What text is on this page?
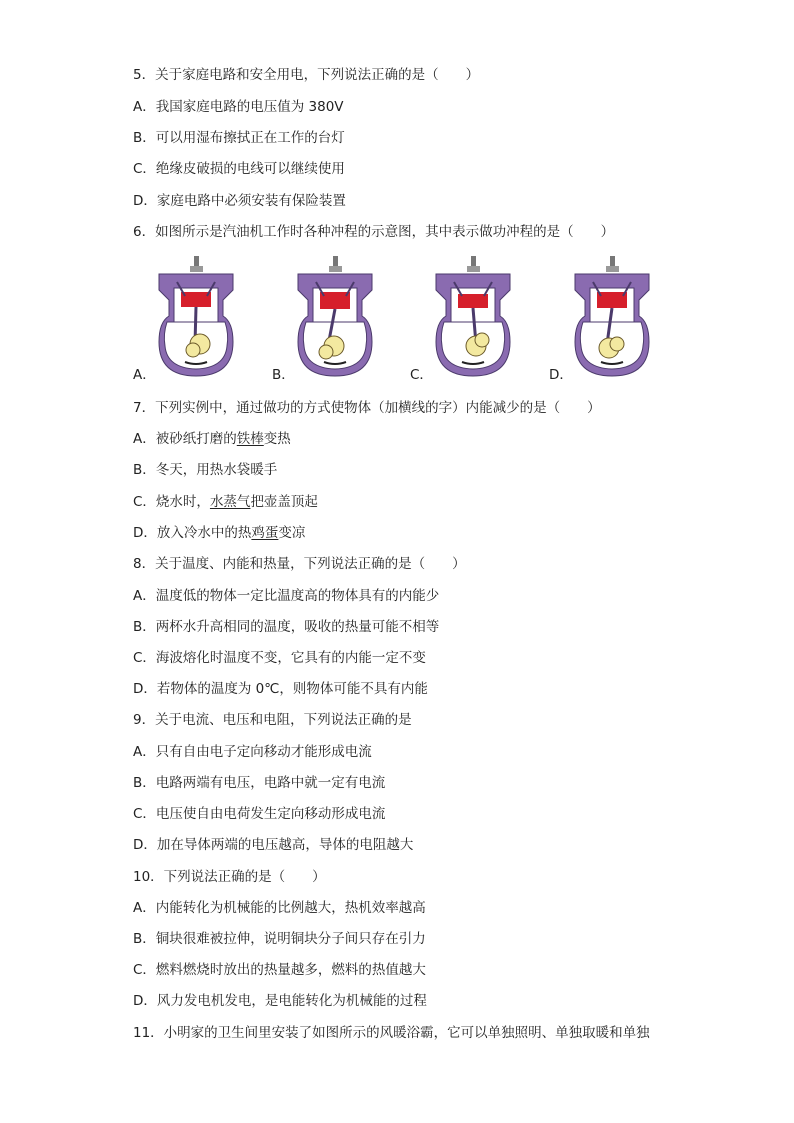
5．关于家庭电路和安全用电，下列说法正确的是（　　）
A．我国家庭电路的电压值为 380V
B．可以用湿布擦拭正在工作的台灯
C．绝缘皮破损的电线可以继续使用
D．家庭电路中必须安装有保险装置
6．如图所示是汽油机工作时各种冲程的示意图，其中表示做功冲程的是（　　）
A．	B．	C．	D．
7．下列实例中，通过做功的方式使物体（加横线的字）内能减少的是（　　）
A．被砂纸打磨的铁棒变热
B．冬天，用热水袋暖手
C．烧水时，水蒸气把壶盖顶起
D．放入冷水中的热鸡蛋变凉
8．关于温度、内能和热量，下列说法正确的是（　　）
A．温度低的物体一定比温度高的物体具有的内能少
B．两杯水升高相同的温度，吸收的热量可能不相等
C．海波熔化时温度不变，它具有的内能一定不变
D．若物体的温度为 0℃，则物体可能不具有内能
9．关于电流、电压和电阻，下列说法正确的是
A．只有自由电子定向移动才能形成电流
B．电路两端有电压，电路中就一定有电流
C．电压使自由电荷发生定向移动形成电流
D．加在导体两端的电压越高，导体的电阻越大
10．下列说法正确的是（　　）
A．内能转化为机械能的比例越大，热机效率越高
B．铜块很难被拉伸，说明铜块分子间只存在引力
C．燃料燃烧时放出的热量越多，燃料的热值越大
D．风力发电机发电，是电能转化为机械能的过程
11．小明家的卫生间里安装了如图所示的风暖浴霸，它可以单独照明、单独取暖和单独
